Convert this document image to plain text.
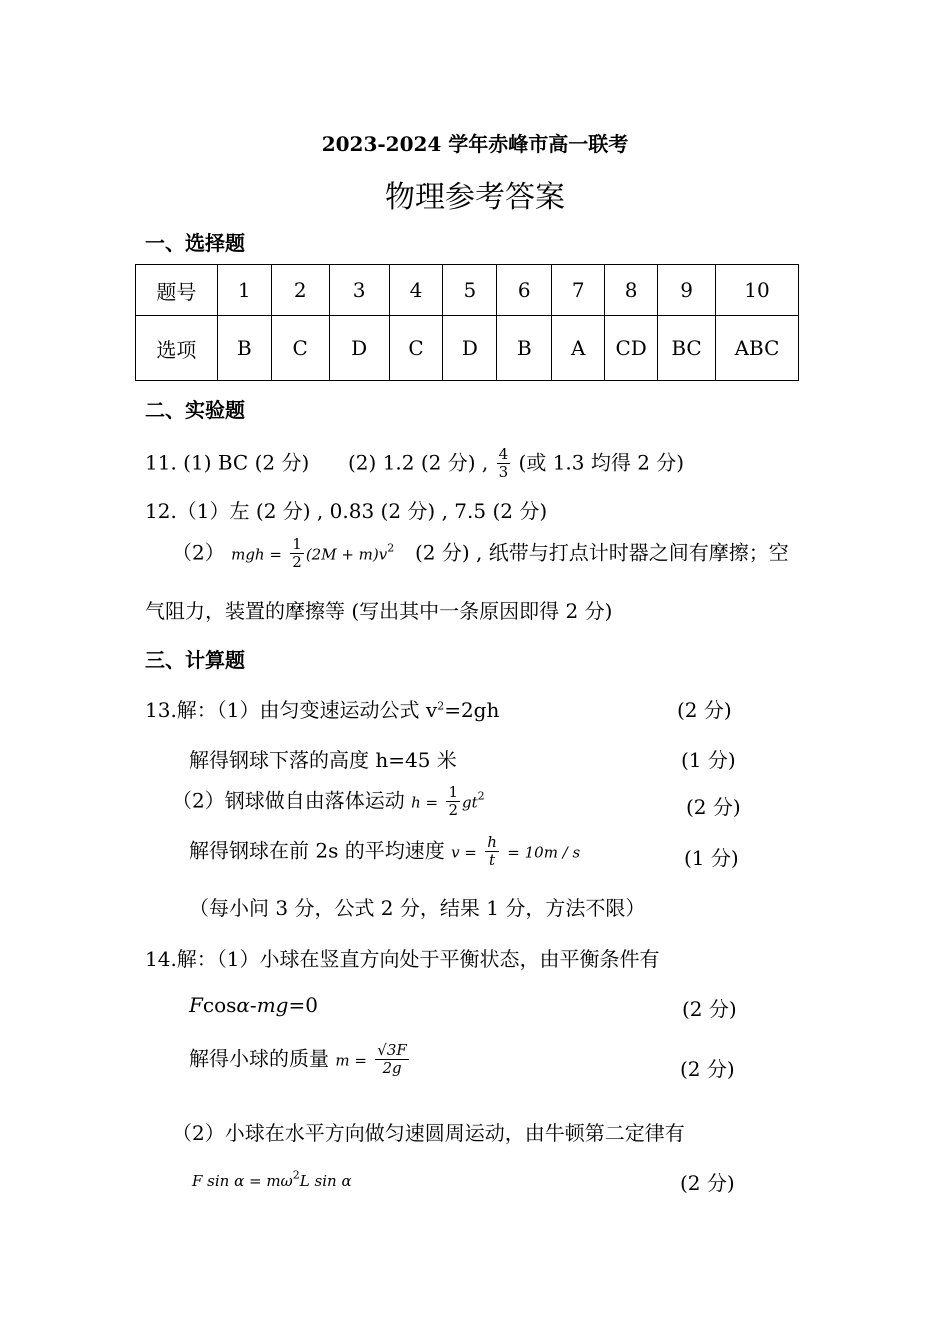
2023-2024 学年赤峰市高一联考
物理参考答案
一、选择题
题号	1	2	3	4	5	6	7	8	9	10
选项	B	C	D	C	D	B	A	CD	BC	ABC
二、实验题
11. (1) BC (2 分) (2) 1.2 (2 分) , $\frac{4}{3}$ (或 1.3 均得 2 分)
12.（1）左 (2 分) , 0.83 (2 分) , 7.5 (2 分)
（2） mgh = $\frac{1}{2} (2M + m)v^2$ (2 分) , 纸带与打点计时器之间有摩擦；空
气阻力，装置的摩擦等 (写出其中一条原因即得 2 分)
三、计算题
13.解：（1）由匀变速运动公式 $v^2=2gh$	(2 分)
解得钢球下落的高度 h=45 米	(1 分)
（2）钢球做自由落体运动 $h = \frac{1}{2} gt^2$	(2 分)
解得钢球在前 2s 的平均速度 $v = \frac{h}{t} = 10m / s$	(1 分)
（每小问 3 分，公式 2 分，结果 1 分，方法不限）
14.解：（1）小球在竖直方向处于平衡状态，由平衡条件有
Fcosα-mg=0	(2 分)
解得小球的质量 $m = \frac{√3F}{2g}$	(2 分)
（2）小球在水平方向做匀速圆周运动，由牛顿第二定律有
F $\sin \alpha = m\omega^2L$ sin α	(2 分)
